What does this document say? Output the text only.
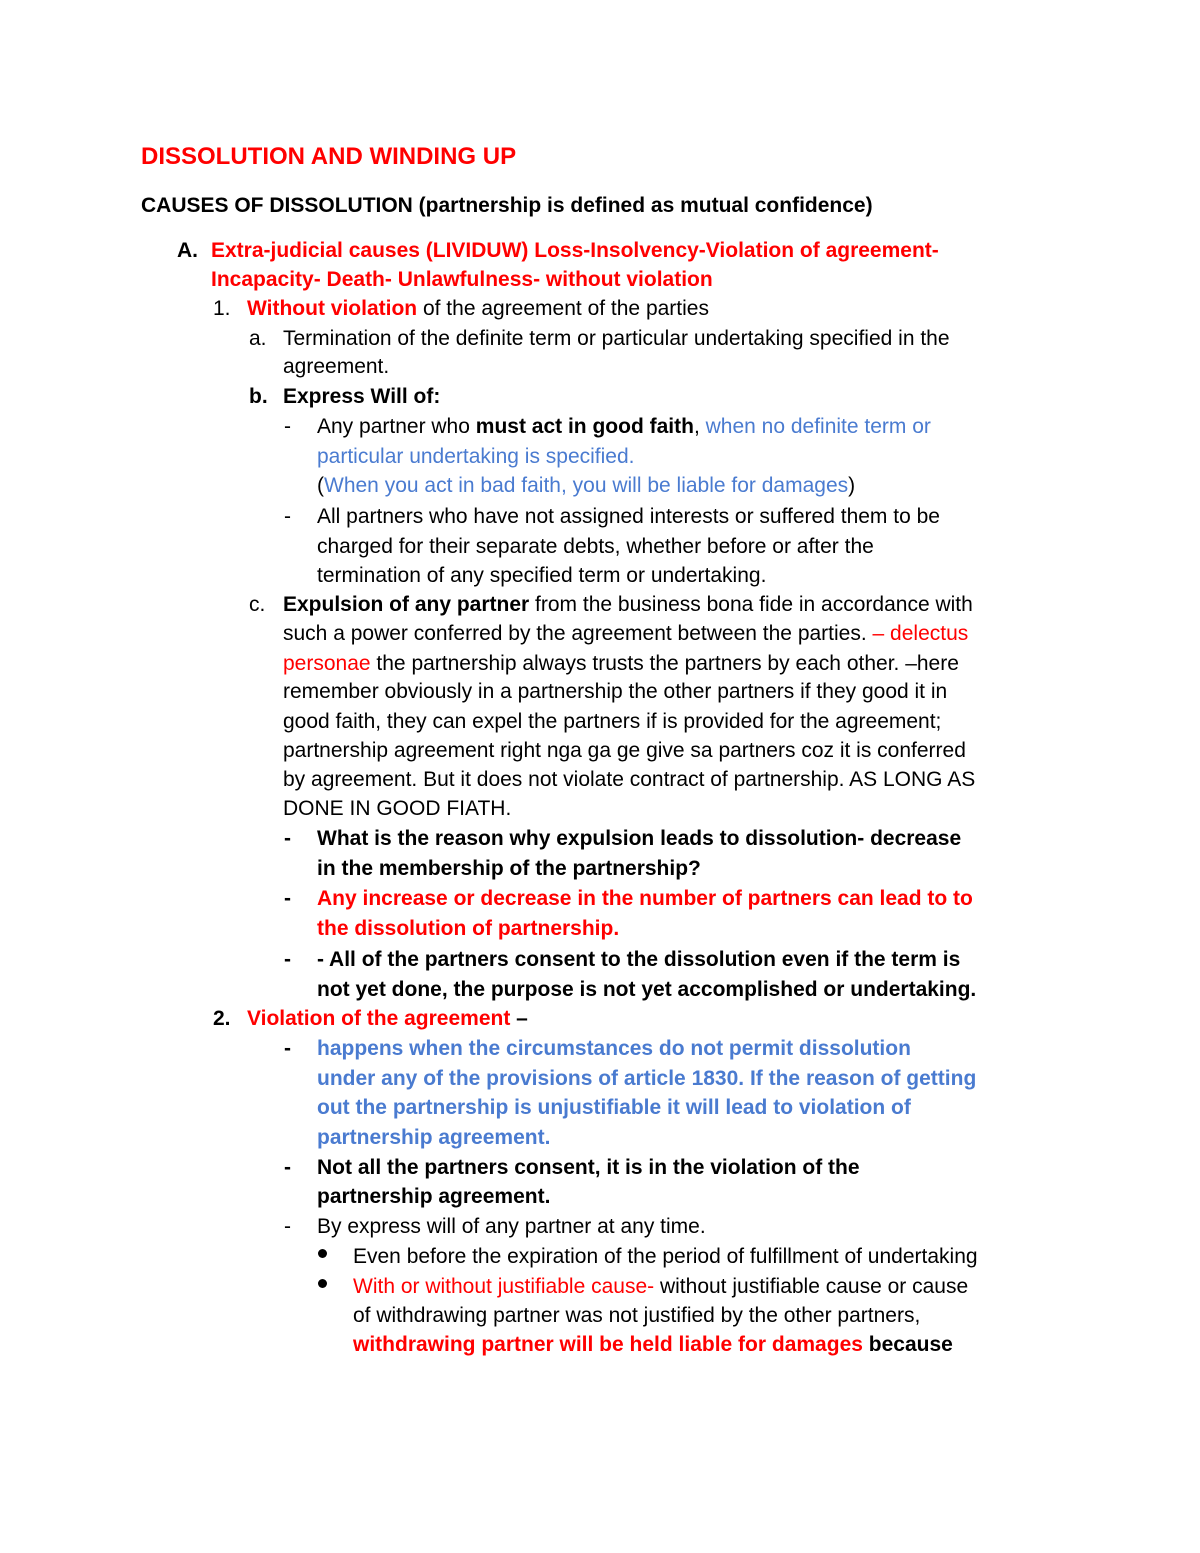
DISSOLUTION AND WINDING UP
CAUSES OF DISSOLUTION (partnership is defined as mutual confidence)
A. Extra-judicial causes (LIVIDUW) Loss-Insolvency-Violation of agreement-
Incapacity- Death- Unlawfulness- without violation
1. Without violation of the agreement of the parties
a. Termination of the definite term or particular undertaking specified in the
agreement.
b. Express Will of:
- Any partner who must act in good faith, when no definite term or
particular undertaking is specified.
(When you act in bad faith, you will be liable for damages)
- All partners who have not assigned interests or suffered them to be
charged for their separate debts, whether before or after the
termination of any specified term or undertaking.
c. Expulsion of any partner from the business bona fide in accordance with
such a power conferred by the agreement between the parties. – delectus
personae the partnership always trusts the partners by each other. –here
remember obviously in a partnership the other partners if they good it in
good faith, they can expel the partners if is provided for the agreement;
partnership agreement right nga ga ge give sa partners coz it is conferred
by agreement. But it does not violate contract of partnership. AS LONG AS
DONE IN GOOD FIATH.
- What is the reason why expulsion leads to dissolution- decrease
in the membership of the partnership?
- Any increase or decrease in the number of partners can lead to to
the dissolution of partnership.
- - All of the partners consent to the dissolution even if the term is
not yet done, the purpose is not yet accomplished or undertaking.
2. Violation of the agreement –
- happens when the circumstances do not permit dissolution
under any of the provisions of article 1830. If the reason of getting
out the partnership is unjustifiable it will lead to violation of
partnership agreement.
- Not all the partners consent, it is in the violation of the
partnership agreement.
- By express will of any partner at any time.
Even before the expiration of the period of fulfillment of undertaking
With or without justifiable cause- without justifiable cause or cause
of withdrawing partner was not justified by the other partners,
withdrawing partner will be held liable for damages because
